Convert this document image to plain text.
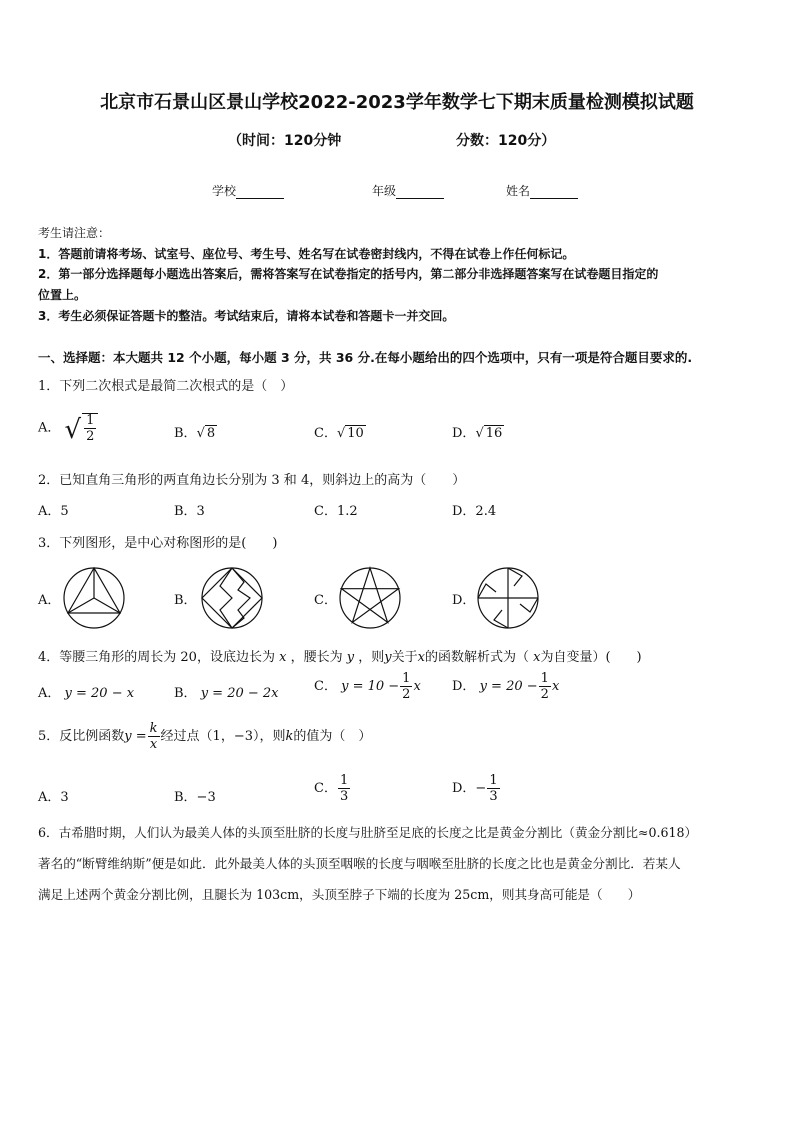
北京市石景山区景山学校2022-2023学年数学七下期末质量检测模拟试题
（时间：120分钟	分数：120分）
学校	年级	姓名
考生请注意：
1．答题前请将考场、试室号、座位号、考生号、姓名写在试卷密封线内，不得在试卷上作任何标记。
2．第一部分选择题每小题选出答案后，需将答案写在试卷指定的括号内，第二部分非选择题答案写在试卷题目指定的
位置上。
3．考生必须保证答题卡的整洁。考试结束后，请将本试卷和答题卡一并交回。
一、选择题：本大题共 12 个小题，每小题 3 分，共 36 分.在每小题给出的四个选项中，只有一项是符合题目要求的.
1．下列二次根式是最简二次根式的是（　）
A． √ $\frac{1}{2}$	B．√ 8	C．√ 10	D．√ 16
2．已知直角三角形的两直角边长分别为 3 和 4，则斜边上的高为（　　）
A．5	B．3	C．1.2	D．2.4
3．下列图形，是中心对称图形的是(　　)
A．	B．	C．	D．
4．等腰三角形的周长为 20，设底边长为 x ，腰长为 y ，则y关于x的函数解析式为（ x为自变量）(　　)
A． y = 20 − x	B． y = 20 − 2x	C． $y = 10 - \frac{1}{2}$ x D． $y = 20 - \frac{1}{2}$ x
5．反比例函数$y = \frac{k}{x}$ 经过点（1，−3），则k的值为（　）
A．3	B．−3
C． $\frac{1}{3}$	D．− $\frac{1}{3}$
6．古希腊时期，人们认为最美人体的头顶至肚脐的长度与肚脐至足底的长度之比是黄金分割比（黄金分割比≈0.618）
著名的“断臂维纳斯”便是如此．此外最美人体的头顶至咽喉的长度与咽喉至肚脐的长度之比也是黄金分割比．若某人
满足上述两个黄金分割比例，且腿长为 103cm，头顶至脖子下端的长度为 25cm，则其身高可能是（　　）
